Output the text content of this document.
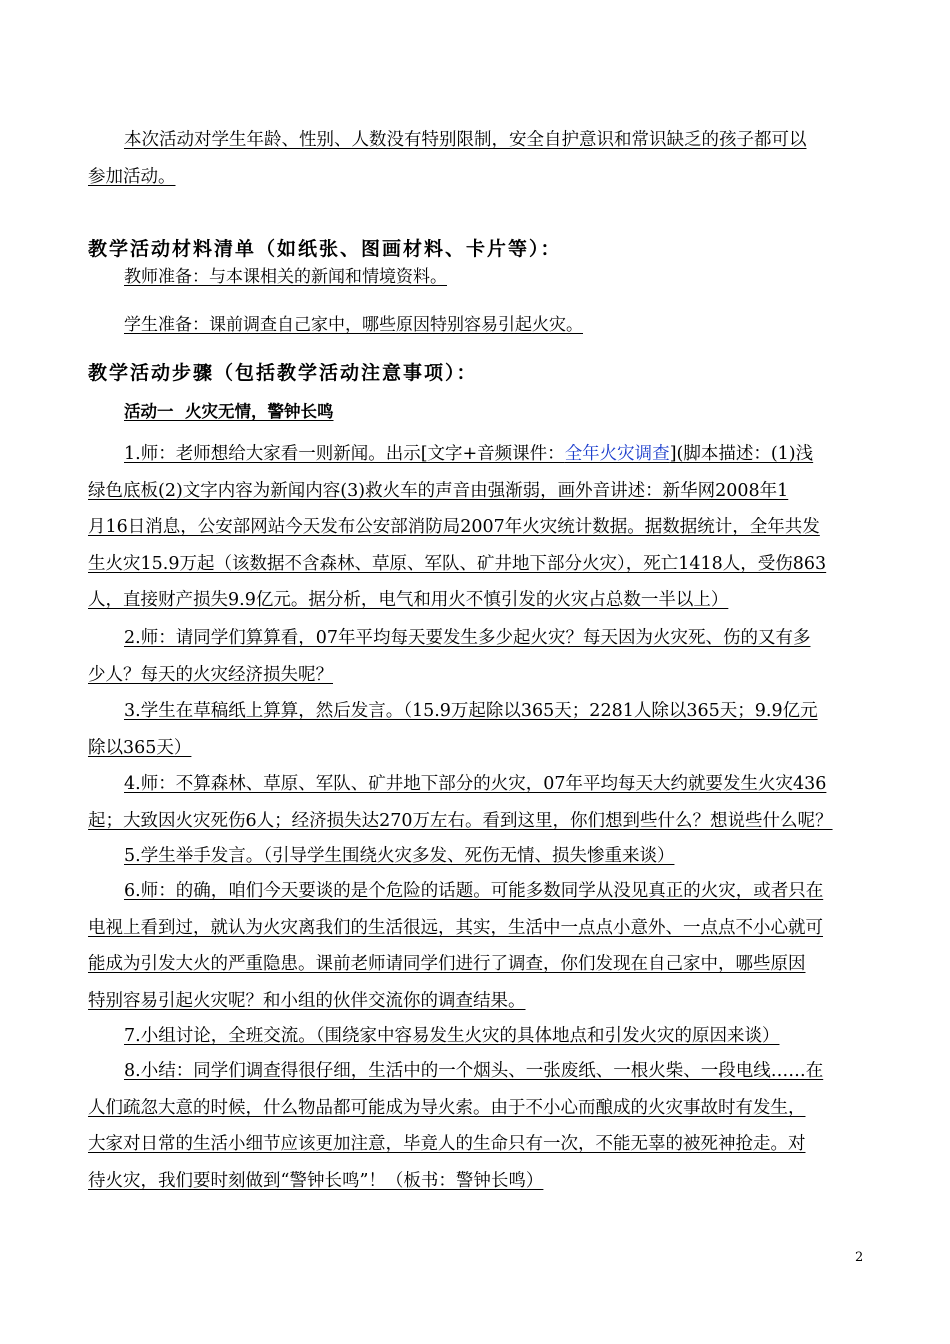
本次活动对学生年龄、性别、人数没有特别限制，安全自护意识和常识缺乏的孩子都可以
参加活动。
教学活动材料清单（如纸张、图画材料、卡片等）：
教师准备：与本课相关的新闻和情境资料。
学生准备：课前调查自己家中，哪些原因特别容易引起火灾。
教学活动步骤（包括教学活动注意事项）：
活动一 火灾无情，警钟长鸣
1.师：老师想给大家看一则新闻。出示[文字+音频课件：全年火灾调查](脚本描述：(1)浅
绿色底板(2)文字内容为新闻内容(3)救火车的声音由强渐弱，画外音讲述：新华网2008年1
月16日消息，公安部网站今天发布公安部消防局2007年火灾统计数据。据数据统计，全年共发
生火灾15.9万起（该数据不含森林、草原、军队、矿井地下部分火灾），死亡1418人，受伤863
人，直接财产损失9.9亿元。据分析，电气和用火不慎引发的火灾占总数一半以上）
2.师：请同学们算算看，07年平均每天要发生多少起火灾？每天因为火灾死、伤的又有多
少人？每天的火灾经济损失呢？
3.学生在草稿纸上算算，然后发言。（15.9万起除以365天；2281人除以365天；9.9亿元
除以365天）
4.师：不算森林、草原、军队、矿井地下部分的火灾，07年平均每天大约就要发生火灾436
起；大致因火灾死伤6人；经济损失达270万左右。看到这里，你们想到些什么？想说些什么呢？
5.学生举手发言。（引导学生围绕火灾多发、死伤无情、损失惨重来谈）
6.师：的确，咱们今天要谈的是个危险的话题。可能多数同学从没见真正的火灾，或者只在
电视上看到过，就认为火灾离我们的生活很远，其实，生活中一点点小意外、一点点不小心就可
能成为引发大火的严重隐患。课前老师请同学们进行了调查，你们发现在自己家中，哪些原因
特别容易引起火灾呢？和小组的伙伴交流你的调查结果。
7.小组讨论，全班交流。（围绕家中容易发生火灾的具体地点和引发火灾的原因来谈）
8.小结：同学们调查得很仔细，生活中的一个烟头、一张废纸、一根火柴、一段电线……在
人们疏忽大意的时候，什么物品都可能成为导火索。由于不小心而酿成的火灾事故时有发生，
大家对日常的生活小细节应该更加注意，毕竟人的生命只有一次，不能无辜的被死神抢走。对
待火灾，我们要时刻做到“警钟长鸣”！（板书：警钟长鸣）
2
